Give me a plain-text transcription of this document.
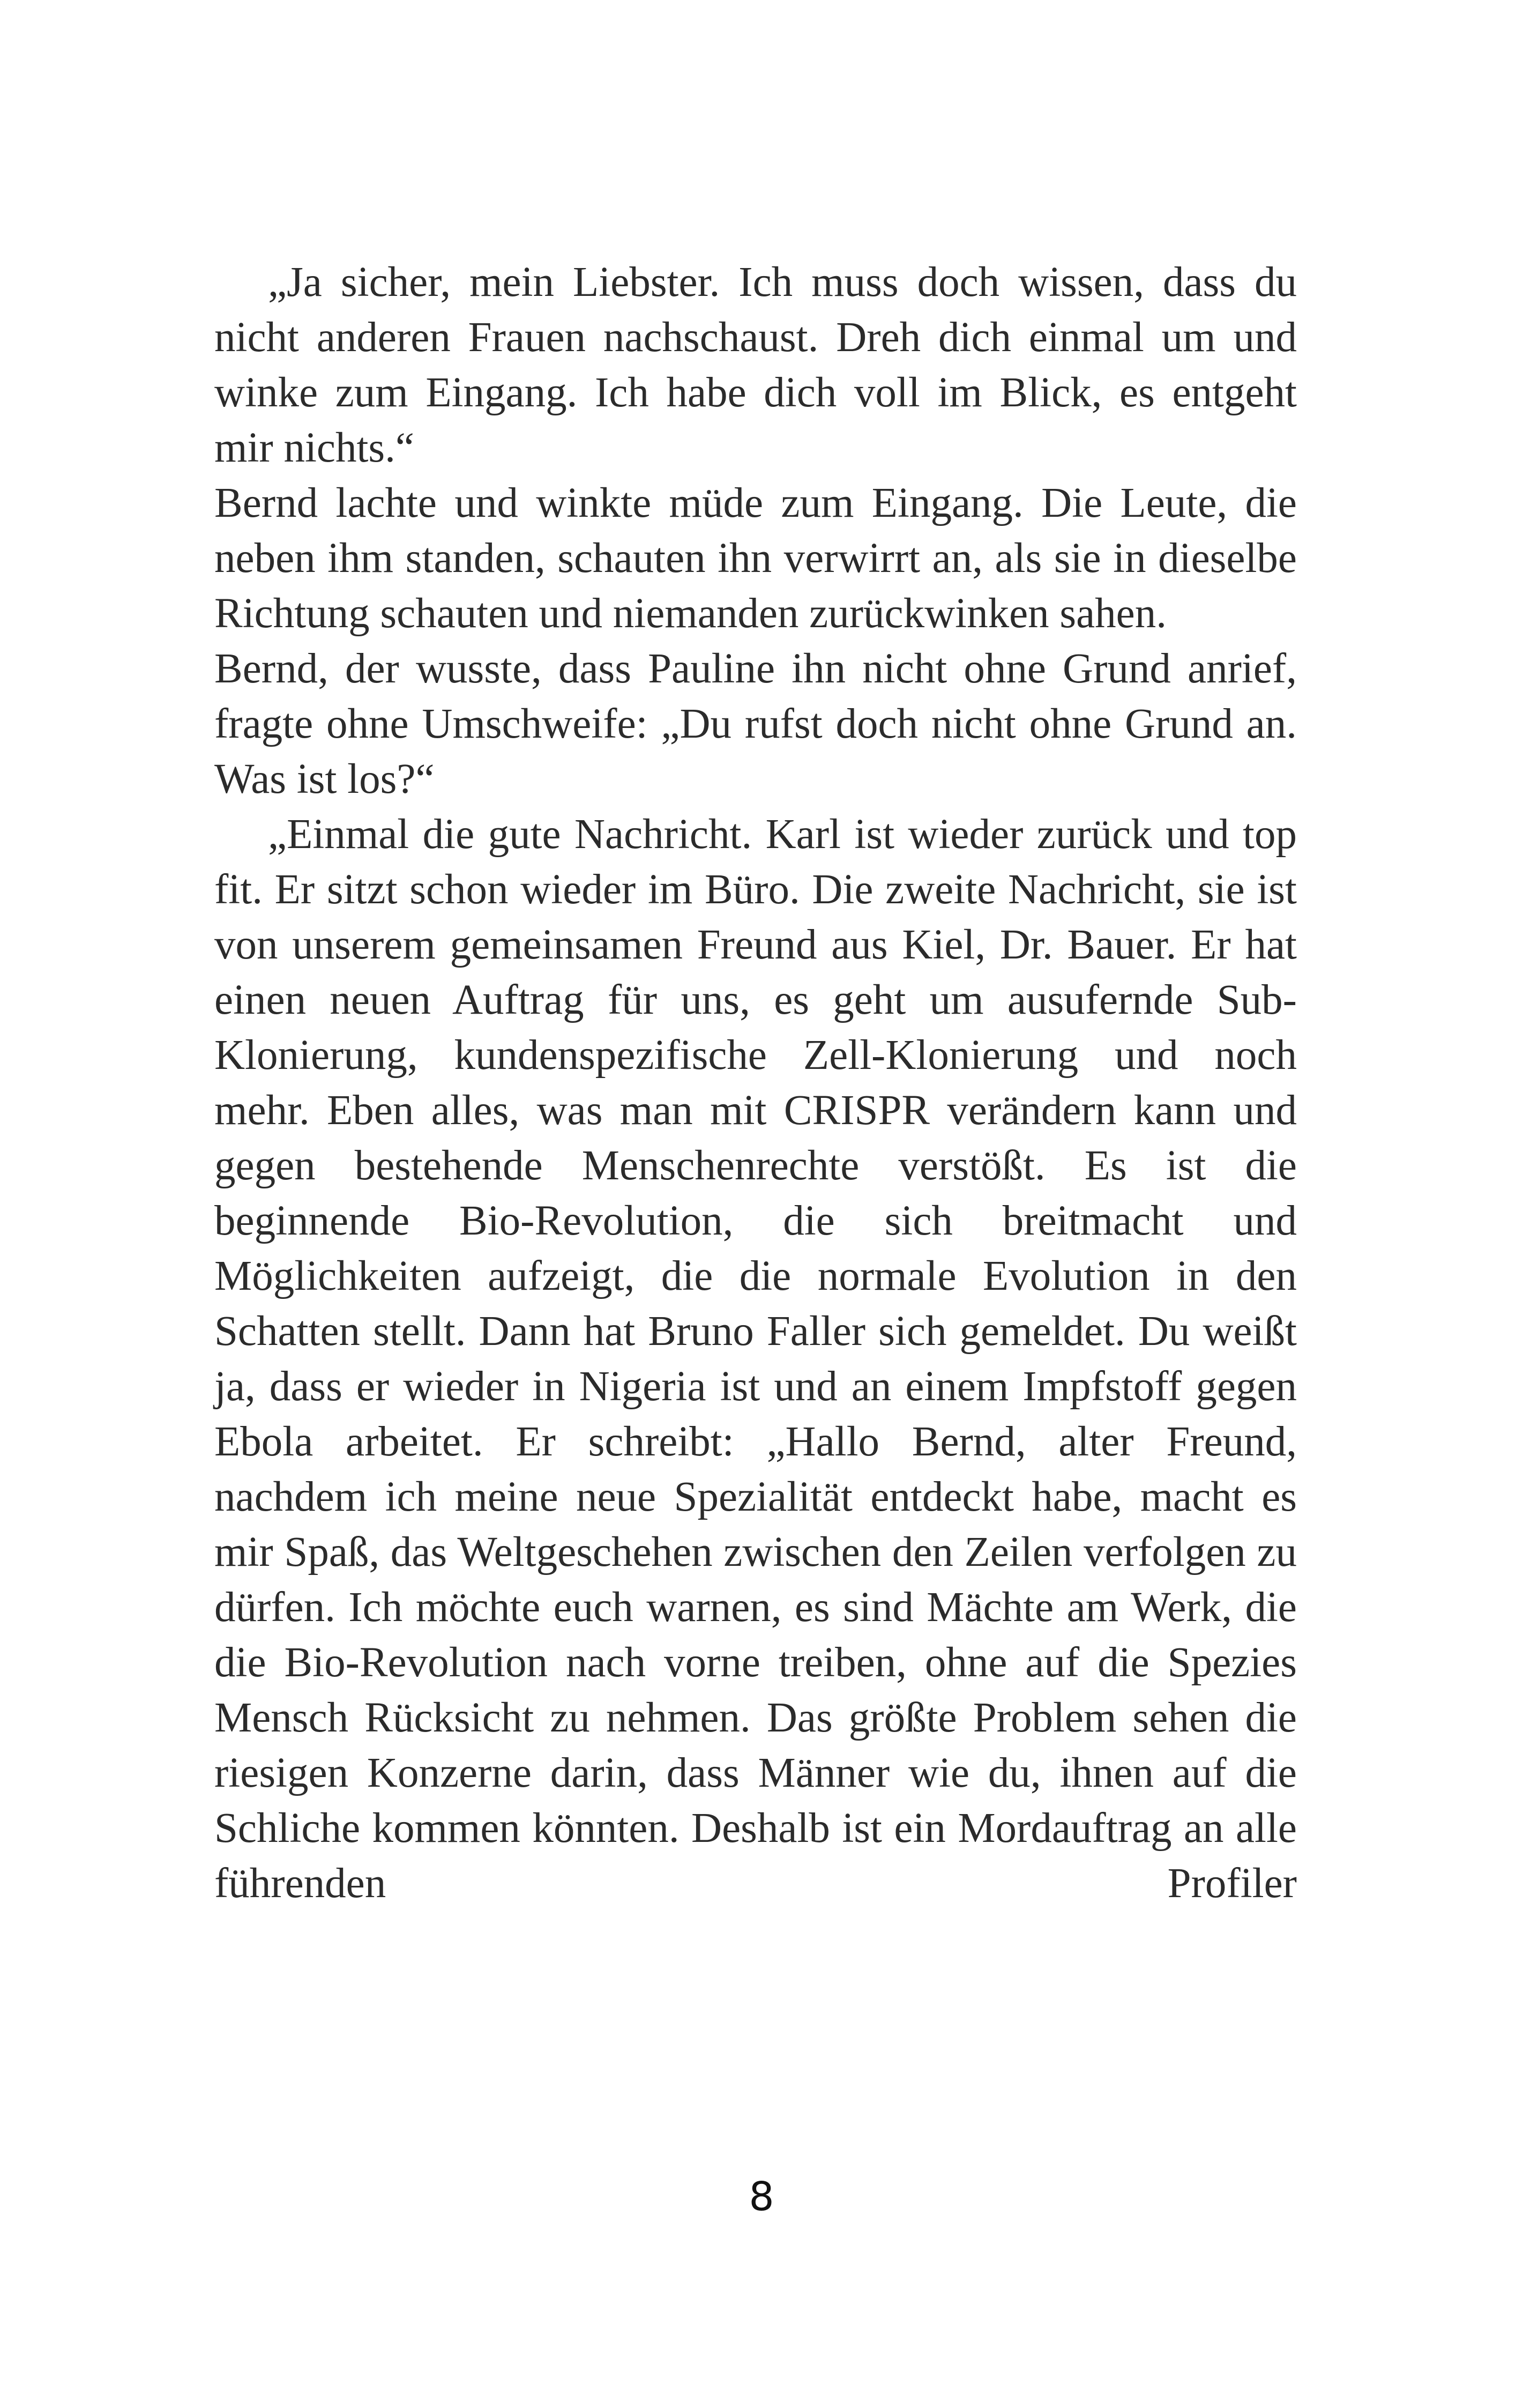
„Ja sicher, mein Liebster. Ich muss doch wissen, dass du nicht anderen Frauen nachschaust. Dreh dich einmal um und winke zum Eingang. Ich habe dich voll im Blick, es entgeht mir nichts.“

Bernd lachte und winkte müde zum Eingang. Die Leute, die neben ihm standen, schauten ihn verwirrt an, als sie in dieselbe Richtung schauten und niemanden zurückwinken sahen.

Bernd, der wusste, dass Pauline ihn nicht ohne Grund anrief, fragte ohne Umschweife: „Du rufst doch nicht ohne Grund an. Was ist los?“

„Einmal die gute Nachricht. Karl ist wieder zurück und top fit. Er sitzt schon wieder im Büro. Die zweite Nachricht, sie ist von unserem gemeinsamen Freund aus Kiel, Dr. Bauer. Er hat einen neuen Auftrag für uns, es geht um ausufernde Sub-Klonierung, kundenspezifische Zell-Klonierung und noch mehr. Eben alles, was man mit CRISPR verändern kann und gegen bestehende Menschenrechte verstößt. Es ist die beginnende Bio-Revolution, die sich breitmacht und Möglichkeiten aufzeigt, die die normale Evolution in den Schatten stellt. Dann hat Bruno Faller sich gemeldet. Du weißt ja, dass er wieder in Nigeria ist und an einem Impfstoff gegen Ebola arbeitet. Er schreibt: „Hallo Bernd, alter Freund, nachdem ich meine neue Spezialität entdeckt habe, macht es mir Spaß, das Weltgeschehen zwischen den Zeilen verfolgen zu dürfen. Ich möchte euch warnen, es sind Mächte am Werk, die die Bio-Revolution nach vorne treiben, ohne auf die Spezies Mensch Rücksicht zu nehmen. Das größte Problem sehen die riesigen Konzerne darin, dass Männer wie du, ihnen auf die Schliche kommen könnten. Deshalb ist ein Mordauftrag an alle führenden Profiler

8
